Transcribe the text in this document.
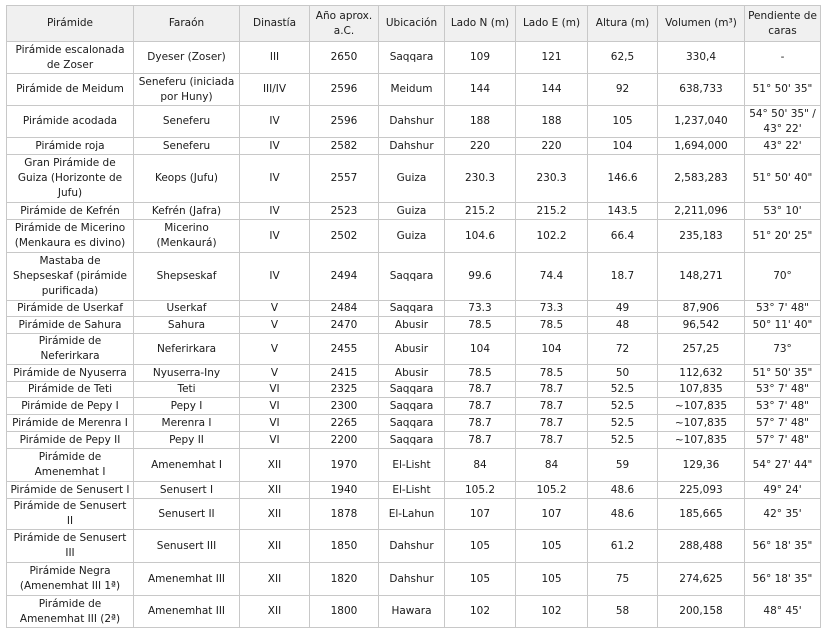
Pirámide	Faraón	Dinastía	Año aprox. a.C.	Ubicación	Lado N (m)	Lado E (m)	Altura (m)	Volumen (m³)	Pendiente de caras
Pirámide escalonada de Zoser	Dyeser (Zoser)	III	2650	Saqqara	109	121	62,5	330,4	-
Pirámide de Meidum	Seneferu (iniciada por Huny)	III/IV	2596	Meidum	144	144	92	638,733	51° 50' 35"
Pirámide acodada	Seneferu	IV	2596	Dahshur	188	188	105	1,237,040	54° 50' 35" / 43° 22'
Pirámide roja	Seneferu	IV	2582	Dahshur	220	220	104	1,694,000	43° 22'
Gran Pirámide de Guiza (Horizonte de Jufu)	Keops (Jufu)	IV	2557	Guiza	230.3	230.3	146.6	2,583,283	51° 50' 40"
Pirámide de Kefrén	Kefrén (Jafra)	IV	2523	Guiza	215.2	215.2	143.5	2,211,096	53° 10'
Pirámide de Micerino (Menkaura es divino)	Micerino (Menkaurá)	IV	2502	Guiza	104.6	102.2	66.4	235,183	51° 20' 25"
Mastaba de Shepseskaf (pirámide purificada)	Shepseskaf	IV	2494	Saqqara	99.6	74.4	18.7	148,271	70°
Pirámide de Userkaf	Userkaf	V	2484	Saqqara	73.3	73.3	49	87,906	53° 7' 48"
Pirámide de Sahura	Sahura	V	2470	Abusir	78.5	78.5	48	96,542	50° 11' 40"
Pirámide de Neferirkara	Neferirkara	V	2455	Abusir	104	104	72	257,25	73°
Pirámide de Nyuserra	Nyuserra-Iny	V	2415	Abusir	78.5	78.5	50	112,632	51° 50' 35"
Pirámide de Teti	Teti	VI	2325	Saqqara	78.7	78.7	52.5	107,835	53° 7' 48"
Pirámide de Pepy I	Pepy I	VI	2300	Saqqara	78.7	78.7	52.5	~107,835	53° 7' 48"
Pirámide de Merenra I	Merenra I	VI	2265	Saqqara	78.7	78.7	52.5	~107,835	57° 7' 48"
Pirámide de Pepy II	Pepy II	VI	2200	Saqqara	78.7	78.7	52.5	~107,835	57° 7' 48"
Pirámide de Amenemhat I	Amenemhat I	XII	1970	El-Lisht	84	84	59	129,36	54° 27' 44"
Pirámide de Senusert I	Senusert I	XII	1940	El-Lisht	105.2	105.2	48.6	225,093	49° 24'
Pirámide de Senusert II	Senusert II	XII	1878	El-Lahun	107	107	48.6	185,665	42° 35'
Pirámide de Senusert III	Senusert III	XII	1850	Dahshur	105	105	61.2	288,488	56° 18' 35"
Pirámide Negra (Amenemhat III 1ª)	Amenemhat III	XII	1820	Dahshur	105	105	75	274,625	56° 18' 35"
Pirámide de Amenemhat III (2ª)	Amenemhat III	XII	1800	Hawara	102	102	58	200,158	48° 45'
